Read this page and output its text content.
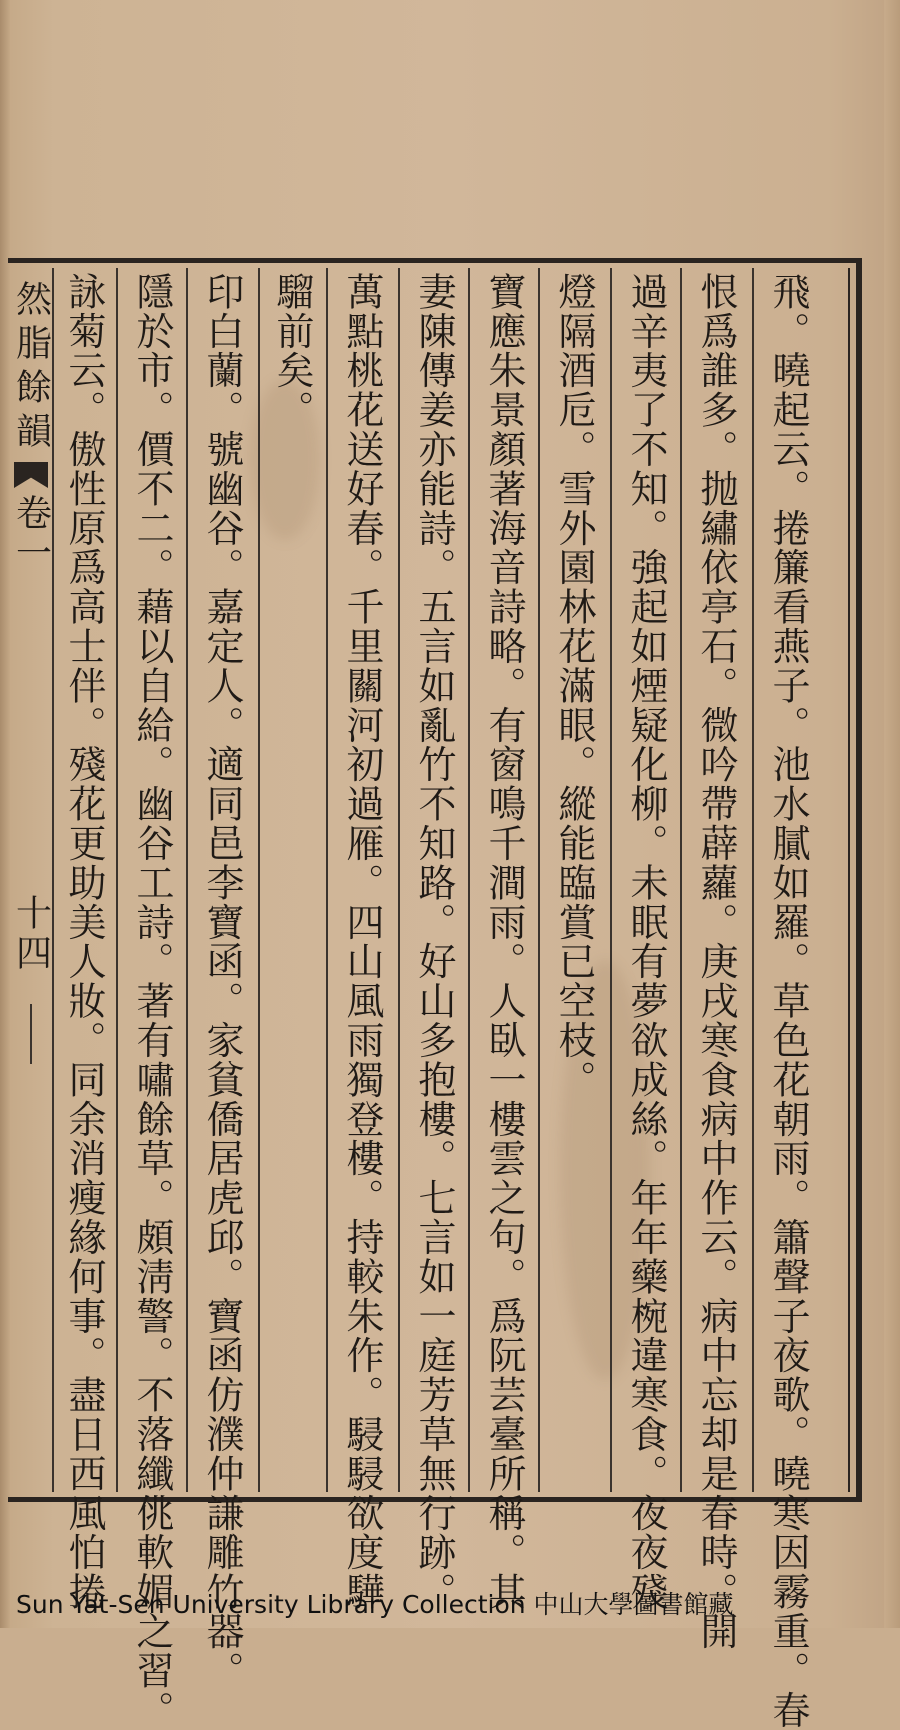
然脂餘韻
卷一
十四	飛。曉起云。捲簾看燕子。池水膩如羅。草色花朝雨。簫聲子夜歌。曉寒因霧重。春
恨爲誰多。抛繡依亭石。微吟帶薜蘿。庚戌寒食病中作云。病中忘却是春時。開
過辛夷了不知。強起如煙疑化柳。未眠有夢欲成絲。年年藥椀違寒食。夜夜殘
燈隔酒卮。雪外園林花滿眼。縱能臨賞已空枝。
寶應朱景顏著海音詩略。有窗鳴千澗雨。人臥一樓雲之句。爲阮芸臺所稱。其
妻陳傳姜亦能詩。五言如亂竹不知路。好山多抱樓。七言如一庭芳草無行跡。
萬點桃花送好春。千里關河初過雁。四山風雨獨登樓。持較朱作。駸駸欲度驊
騮前矣。
印白蘭。號幽谷。嘉定人。適同邑李寶函。家貧僑居虎邱。寶函仿濮仲謙雕竹器。
隱於市。價不二。藉以自給。幽谷工詩。著有嘯餘草。頗淸警。不落纖佻軟媚之習。
詠菊云。傲性原爲高士伴。殘花更助美人妝。同余消瘦緣何事。盡日西風怕捲
Sun Yat-Sen University Library Collection 中山大學圖書館藏
